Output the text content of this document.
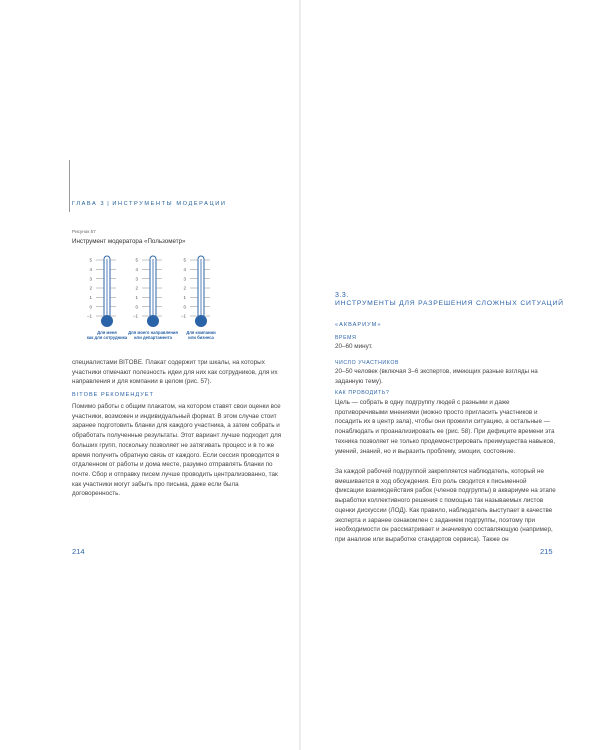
ГЛАВА 3 | ИНСТРУМЕНТЫ МОДЕРАЦИИ
Рисунок 57
Инструмент модератора «Пользометр»
5
4
3
2
1
0
−1
Для меня
как для сотрудника
5
4
3
2
1
0
−1
Для моего направления
или департамента
5
4
3
2
1
0
−1
Для компании
или бизнеса
специалистами BITOBE. Плакат содержит три шкалы, на которых участники отмечают полезность идеи для них как сотрудников, для их направления и для компании в целом (рис. 57).
BITOBE РЕКОМЕНДУЕТ
Помимо работы с общим плакатом, на котором ставят свои оценки все участники, возможен и индивидуальный формат. В этом случае стоит заранее подготовить бланки для каждого участника, а затем собрать и обработать полученные результаты. Этот вариант лучше подходит для больших групп, поскольку позволяет не затягивать процесс и в то же время получить обратную связь от каждого. Если сессия проводится в отдаленном от работы и дома месте, разумно отправлять бланки по почте. Сбор и отправку писем лучше проводить централизованно, так как участники могут забыть про письма, даже если была договоренность.
214
3.3.
ИНСТРУМЕНТЫ ДЛЯ РАЗРЕШЕНИЯ СЛОЖНЫХ СИТУАЦИЙ
«АКВАРИУМ»
ВРЕМЯ
20–60 минут.
ЧИСЛО УЧАСТНИКОВ
20–50 человек (включая 3–6 экспертов, имеющих разные взгляды на заданную тему).
КАК ПРОВОДИТЬ?
Цель — собрать в одну подгруппу людей с разными и даже противоречивыми мнениями (можно просто пригласить участников и посадить их в центр зала), чтобы они прожили ситуацию, а остальные — понаблюдать и проанализировать ее (рис. 58). При дефиците времени эта техника позволяет не только продемонстрировать преимущества навыков, умений, знаний, но и выразить проблему, эмоции, состояние.
За каждой рабочей подгруппой закрепляется наблюдатель, который не вмешивается в ход обсуждения. Его роль сводится к письменной фиксации взаимодействия рабок (членов подгруппы) в аквариуме на этапе выработки коллективного решения с помощью так называемых листов оценки дискуссии (ЛОД). Как правило, наблюдатель выступает в качестве эксперта и заранее ознакомлен с заданием подгруппы, поэтому при необходимости он рассматривает и значиевую составляющую (например, при анализе или выработке стандартов сервиса). Также он
215
